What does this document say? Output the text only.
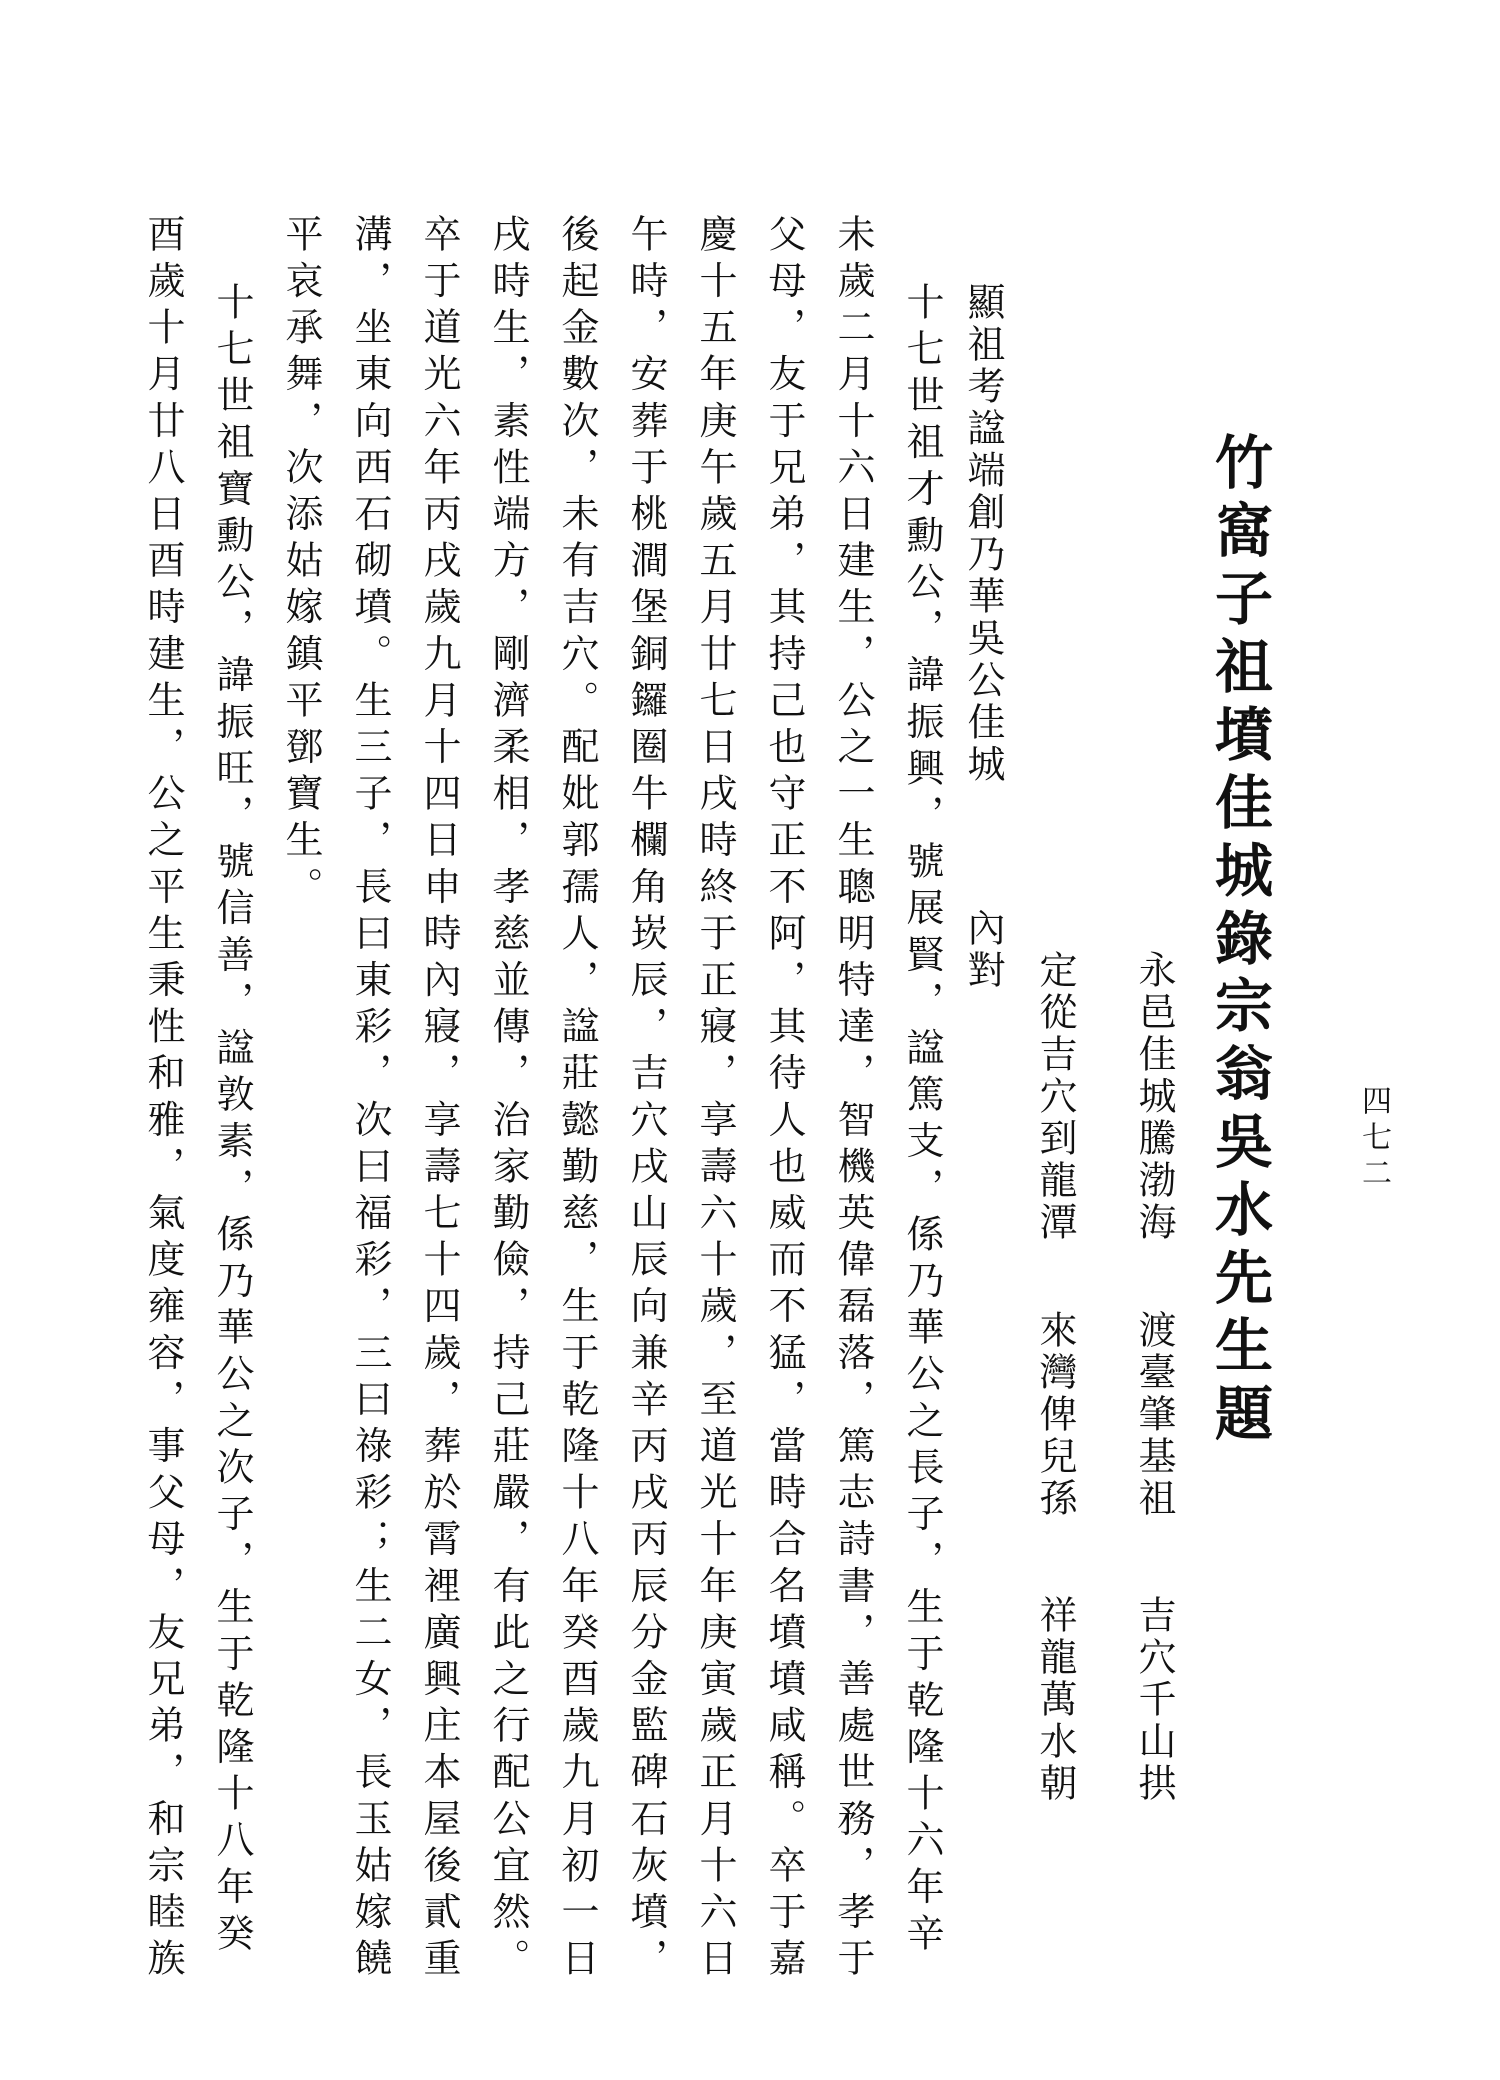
四七二
竹窩子祖墳佳城錄
宗翁吳水先生題
永邑佳城騰渤海
渡臺肇基祖
吉穴千山拱
定從吉穴到龍潭
來灣俾兒孫
祥龍萬水朝
顯祖考諡端創乃華吳公佳城
內對
十七世祖才勳公，諱振興，號展賢，諡篤支，係乃華公之長子，生于乾隆十六年辛
未歲二月十六日建生，公之一生聰明特達，智機英偉磊落，篤志詩書，善處世務，孝于
父母，友于兄弟，其持己也守正不阿，其待人也威而不猛，當時合名墳墳咸稱。卒于嘉
慶十五年庚午歲五月廿七日戌時終于正寢，享壽六十歲，至道光十年庚寅歲正月十六日
午時，安葬于桃澗堡銅鑼圈牛欄角崁辰，吉穴戌山辰向兼辛丙戌丙辰分金監碑石灰墳，
後起金數次，未有吉穴。配妣郭孺人，諡莊懿勤慈，生于乾隆十八年癸酉歲九月初一日
戌時生，素性端方，剛濟柔相，孝慈並傳，治家勤儉，持己莊嚴，有此之行配公宜然。
卒于道光六年丙戌歲九月十四日申時內寢，享壽七十四歲，葬於霄裡廣興庄本屋後貳重
溝，坐東向西石砌墳。生三子，長曰東彩，次曰福彩，三曰祿彩；生二女，長玉姑嫁饒
平哀承舞，次添姑嫁鎮平鄧寶生。
十七世祖寶勳公，諱振旺，號信善，諡敦素，係乃華公之次子，生于乾隆十八年癸
酉歲十月廿八日酉時建生，公之平生秉性和雅，氣度雍容，事父母，友兄弟，和宗睦族
